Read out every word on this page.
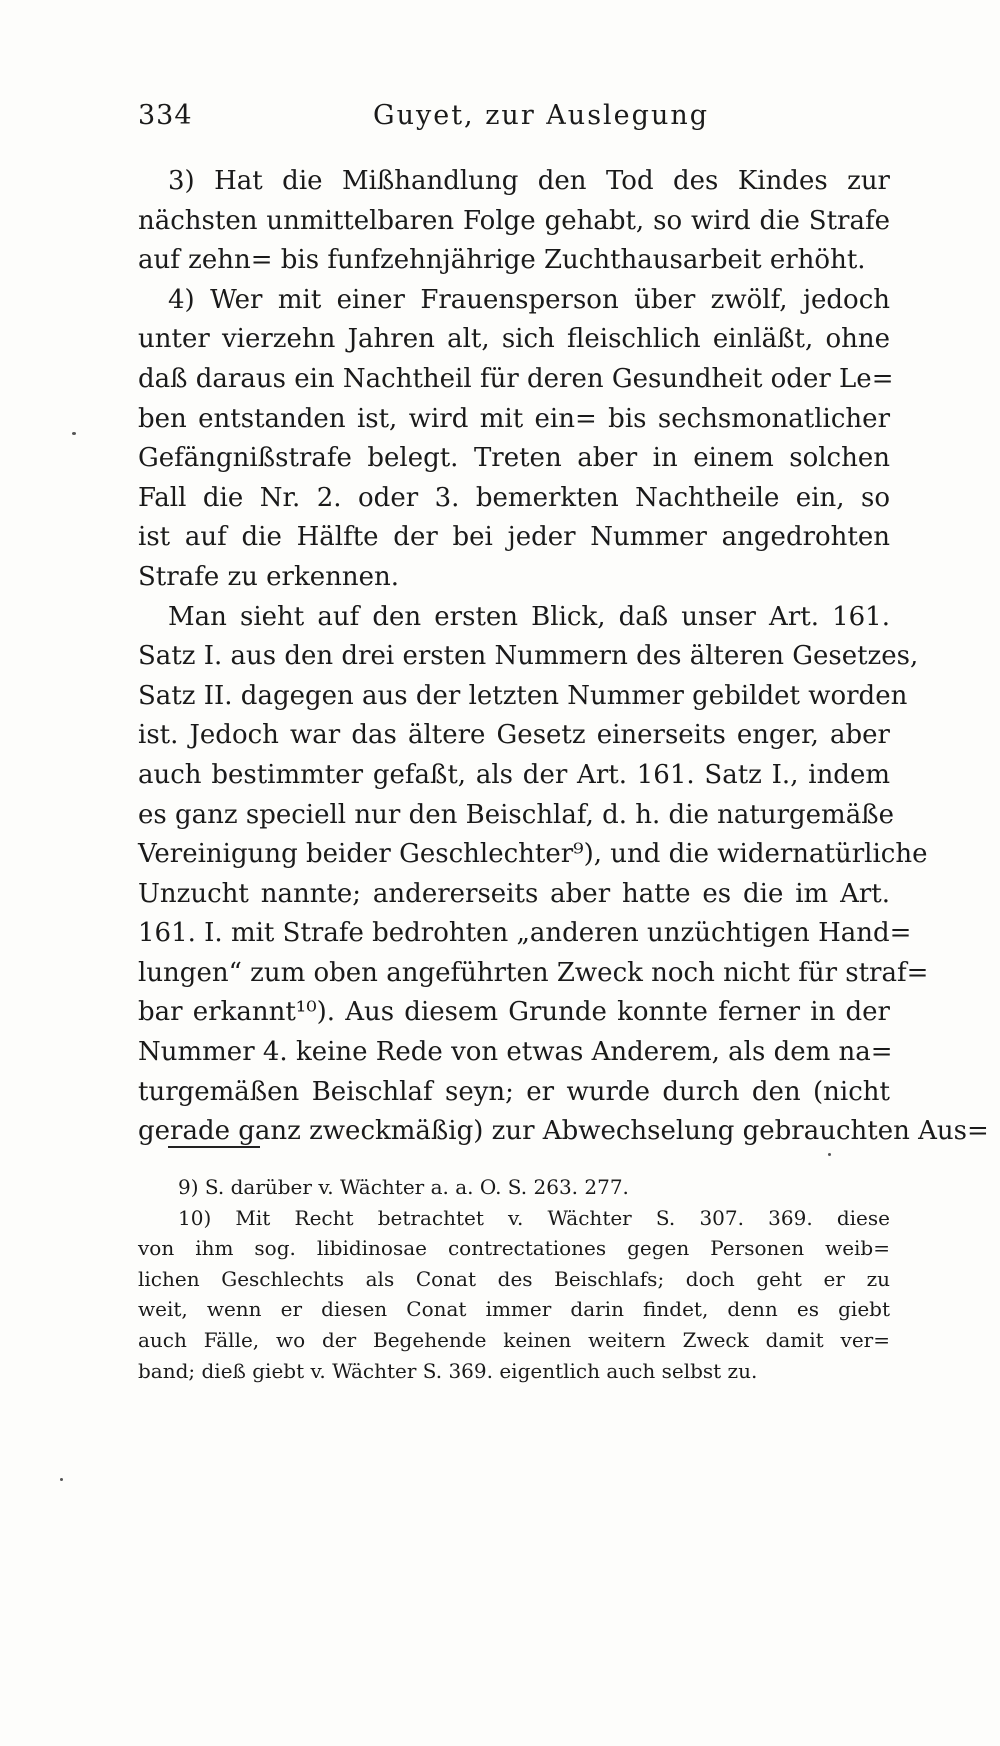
334	Guyet, zur Auslegung
3) Hat die Mißhandlung den Tod des Kindes zur
nächsten unmittelbaren Folge gehabt, so wird die Strafe
auf zehn= bis funfzehnjährige Zuchthausarbeit erhöht.
4) Wer mit einer Frauensperson über zwölf, jedoch
unter vierzehn Jahren alt, sich fleischlich einläßt, ohne
daß daraus ein Nachtheil für deren Gesundheit oder Le=
ben entstanden ist, wird mit ein= bis sechsmonatlicher
Gefängnißstrafe belegt. Treten aber in einem solchen
Fall die Nr. 2. oder 3. bemerkten Nachtheile ein, so
ist auf die Hälfte der bei jeder Nummer angedrohten
Strafe zu erkennen.
Man sieht auf den ersten Blick, daß unser Art. 161.
Satz I. aus den drei ersten Nummern des älteren Gesetzes,
Satz II. dagegen aus der letzten Nummer gebildet worden
ist. Jedoch war das ältere Gesetz einerseits enger, aber
auch bestimmter gefaßt, als der Art. 161. Satz I., indem
es ganz speciell nur den Beischlaf, d. h. die naturgemäße
Vereinigung beider Geschlechter⁹), und die widernatürliche
Unzucht nannte; andererseits aber hatte es die im Art.
161. I. mit Strafe bedrohten „anderen unzüchtigen Hand=
lungen“ zum oben angeführten Zweck noch nicht für straf=
bar erkannt¹⁰). Aus diesem Grunde konnte ferner in der
Nummer 4. keine Rede von etwas Anderem, als dem na=
turgemäßen Beischlaf seyn; er wurde durch den (nicht
gerade ganz zweckmäßig) zur Abwechselung gebrauchten Aus=
9) S. darüber v. Wächter a. a. O. S. 263. 277.
10) Mit Recht betrachtet v. Wächter S. 307. 369. diese
von ihm sog. libidinosae contrectationes gegen Personen weib=
lichen Geschlechts als Conat des Beischlafs; doch geht er zu
weit, wenn er diesen Conat immer darin findet, denn es giebt
auch Fälle, wo der Begehende keinen weitern Zweck damit ver=
band; dieß giebt v. Wächter S. 369. eigentlich auch selbst zu.
